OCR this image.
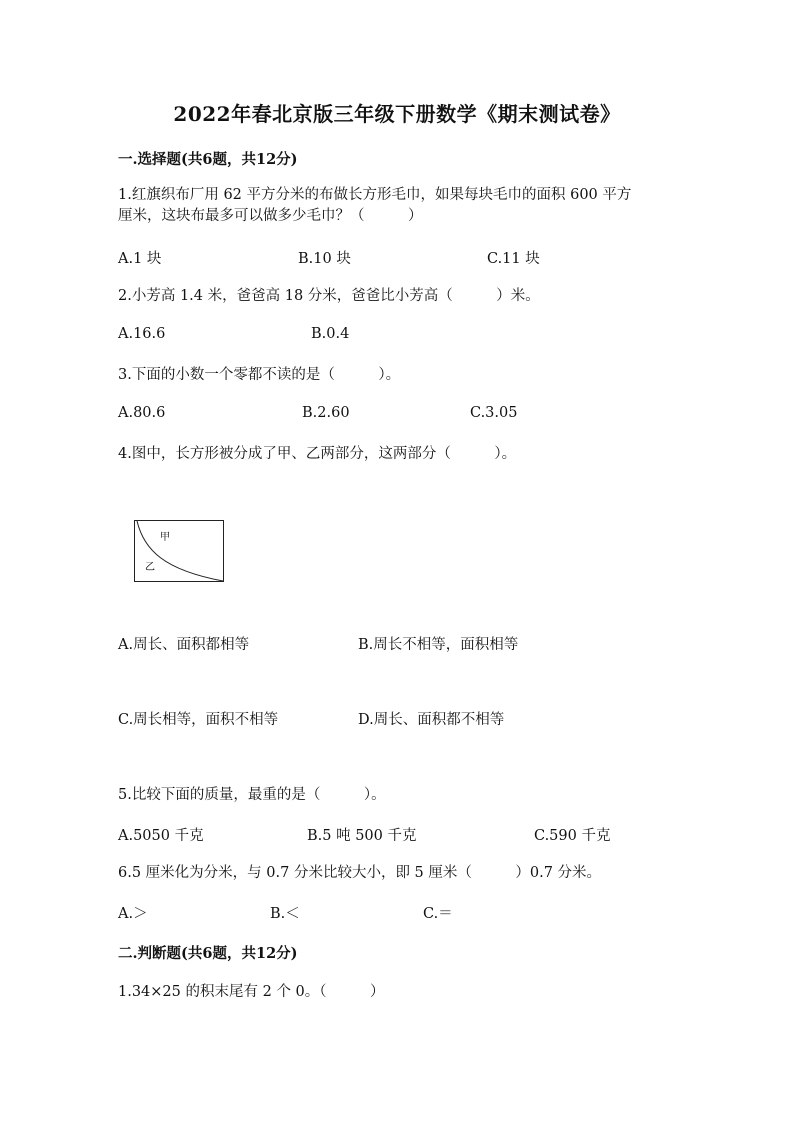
2022年春北京版三年级下册数学《期末测试卷》
一.选择题(共6题，共12分)
1.红旗织布厂用 62 平方分米的布做长方形毛巾，如果每块毛巾的面积 600 平方
厘米，这块布最多可以做多少毛巾？（　　　）
A.1 块	B.10 块	C.11 块
2.小芳高 1.4 米，爸爸高 18 分米，爸爸比小芳高（　　　）米。
A.16.6	B.0.4
3.下面的小数一个零都不读的是（　　　）。
A.80.6	B.2.60	C.3.05
4.图中，长方形被分成了甲、乙两部分，这两部分（　　　）。
甲
乙
A.周长、面积都相等	B.周长不相等，面积相等
C.周长相等，面积不相等	D.周长、面积都不相等
5.比较下面的质量，最重的是（　　　）。
A.5050 千克	B.5 吨 500 千克	C.590 千克
6.5 厘米化为分米，与 0.7 分米比较大小，即 5 厘米（　　　）0.7 分米。
A.＞	B.＜	C.＝
二.判断题(共6题，共12分)
1.34×25 的积末尾有 2 个 0。（　　　）
